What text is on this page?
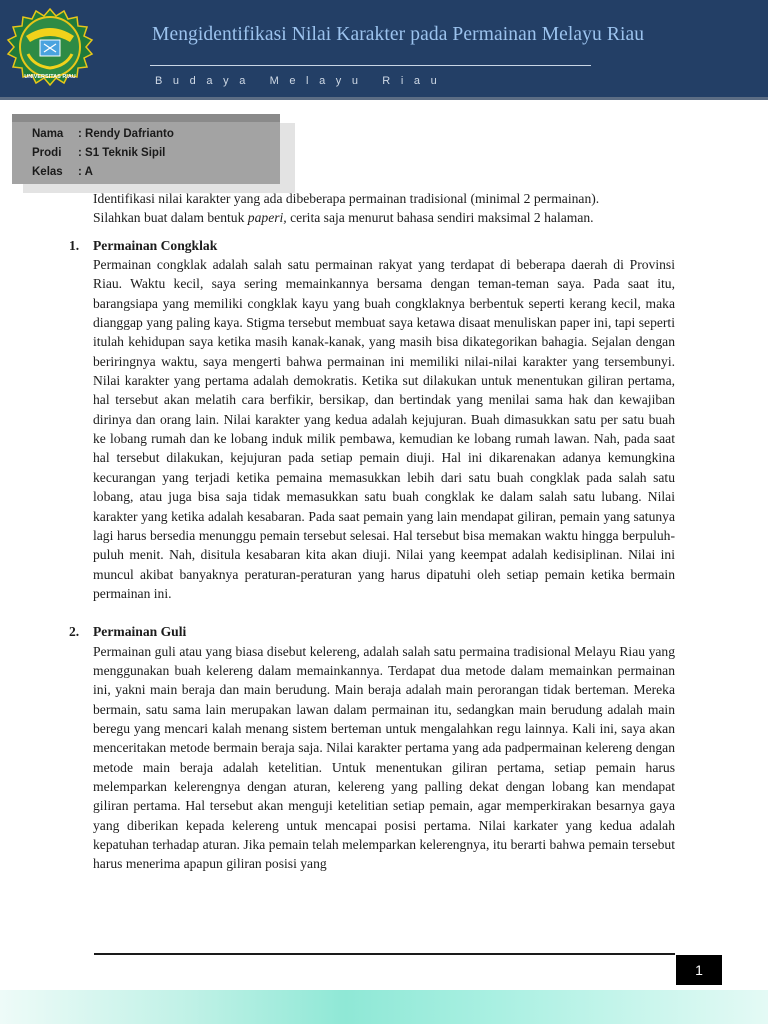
UNIVERSITAS RIAU
Mengidentifikasi Nilai Karakter pada Permainan Melayu Riau
Budaya Melayu Riau
Nama : Rendy Dafrianto
Prodi : S1 Teknik Sipil
Kelas : A

Identifikasi nilai karakter yang ada dibeberapa permainan tradisional (minimal 2 permainan).

Silahkan buat dalam bentuk paperi, cerita saja menurut bahasa sendiri maksimal 2 halaman.

1. Permainan Congklak

Permainan congklak adalah salah satu permainan rakyat yang terdapat di beberapa daerah di Provinsi Riau. Waktu kecil, saya sering memainkannya bersama dengan teman-teman saya. Pada saat itu, barangsiapa yang memiliki congklak kayu yang buah congklaknya berbentuk seperti kerang kecil, maka dianggap yang paling kaya. Stigma tersebut membuat saya ketawa disaat menuliskan paper ini, tapi seperti itulah kehidupan saya ketika masih kanak-kanak, yang masih bisa dikategorikan bahagia. Sejalan dengan beriringnya waktu, saya mengerti bahwa permainan ini memiliki nilai-nilai karakter yang tersembunyi. Nilai karakter yang pertama adalah demokratis. Ketika sut dilakukan untuk menentukan giliran pertama, hal tersebut akan melatih cara berfikir, bersikap, dan bertindak yang menilai sama hak dan kewajiban dirinya dan orang lain. Nilai karakter yang kedua adalah kejujuran. Buah dimasukkan satu per satu buah ke lobang rumah dan ke lobang induk milik pembawa, kemudian ke lobang rumah lawan. Nah, pada saat hal tersebut dilakukan, kejujuran pada setiap pemain diuji. Hal ini dikarenakan adanya kemungkina kecurangan yang terjadi ketika pemaina memasukkan lebih dari satu buah congklak pada salah satu lobang, atau juga bisa saja tidak memasukkan satu buah congklak ke dalam salah satu lubang. Nilai karakter yang ketika adalah kesabaran. Pada saat pemain yang lain mendapat giliran, pemain yang satunya lagi harus bersedia menunggu pemain tersebut selesai. Hal tersebut bisa memakan waktu hingga berpuluh-puluh menit. Nah, disitula kesabaran kita akan diuji. Nilai yang keempat adalah kedisiplinan. Nilai ini muncul akibat banyaknya peraturan-peraturan yang harus dipatuhi oleh setiap pemain ketika bermain permainan ini.

2. Permainan Guli

Permainan guli atau yang biasa disebut kelereng, adalah salah satu permaina tradisional Melayu Riau yang menggunakan buah kelereng dalam memainkannya. Terdapat dua metode dalam memainkan permainan ini, yakni main beraja dan main berudung. Main beraja adalah main perorangan tidak berteman. Mereka bermain, satu sama lain merupakan lawan dalam permainan itu, sedangkan main berudung adalah main beregu yang mencari kalah menang sistem berteman untuk mengalahkan regu lainnya. Kali ini, saya akan menceritakan metode bermain beraja saja. Nilai karakter pertama yang ada padpermainan kelereng dengan metode main beraja adalah ketelitian. Untuk menentukan giliran pertama, setiap pemain harus melemparkan kelerengnya dengan aturan, kelereng yang palling dekat dengan lobang kan mendapat giliran pertama. Hal tersebut akan menguji ketelitian setiap pemain, agar memperkirakan besarnya gaya yang diberikan kepada kelereng untuk mencapai posisi pertama. Nilai karkater yang kedua adalah kepatuhan terhadap aturan. Jika pemain telah melemparkan kelerengnya, itu berarti bahwa pemain tersebut harus menerima apapun giliran posisi yang

1
